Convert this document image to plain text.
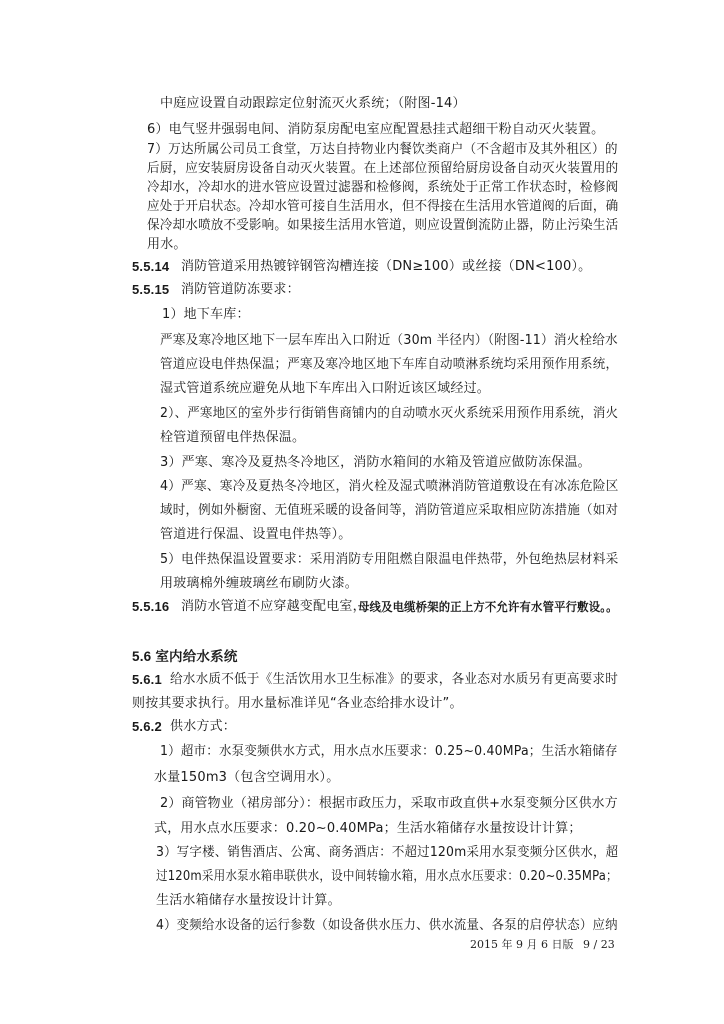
中庭应设置自动跟踪定位射流灭火系统；（附图-14）
6）电气竖井强弱电间、消防泵房配电室应配置悬挂式超细干粉自动灭火装置。
7）万达所属公司员工食堂，万达自持物业内餐饮类商户（不含超市及其外租区）的
后厨，应安装厨房设备自动灭火装置。在上述部位预留给厨房设备自动灭火装置用的
冷却水，冷却水的进水管应设置过滤器和检修阀，系统处于正常工作状态时，检修阀
应处于开启状态。冷却水管可接自生活用水，但不得接在生活用水管道阀的后面，确
保冷却水喷放不受影响。如果接生活用水管道，则应设置倒流防止器，防止污染生活
用水。
5.5.14 消防管道采用热镀锌钢管沟槽连接（DN≥100）或丝接（DN<100）。
5.5.15 消防管道防冻要求：
1）地下车库：
严寒及寒冷地区地下一层车库出入口附近（30m 半径内）（附图-11）消火栓给水
管道应设电伴热保温；严寒及寒冷地区地下车库自动喷淋系统均采用预作用系统，
湿式管道系统应避免从地下车库出入口附近该区域经过。
2）、严寒地区的室外步行街销售商铺内的自动喷水灭火系统采用预作用系统，消火
栓管道预留电伴热保温。
3）严寒、寒冷及夏热冬冷地区，消防水箱间的水箱及管道应做防冻保温。
4）严寒、寒冷及夏热冬冷地区，消火栓及湿式喷淋消防管道敷设在有冰冻危险区
域时，例如外橱窗、无值班采暖的设备间等，消防管道应采取相应防冻措施（如对
管道进行保温、设置电伴热等）。
5）电伴热保温设置要求：采用消防专用阻燃自限温电伴热带，外包绝热层材料采
用玻璃棉外缠玻璃丝布刷防火漆。
5.5.16 消防水管道不应穿越变配电室，
母线及电缆桥架的正上方不允许有水管平行敷设。。
5.6 室内给水系统
5.6.1 给水水质不低于《生活饮用水卫生标准》的要求，各业态对水质另有更高要求时
则按其要求执行。用水量标准详见“各业态给排水设计”。
5.6.2 供水方式：
1）超市：水泵变频供水方式，用水点水压要求：0.25~0.40MPa；生活水箱储存
水量150m3（包含空调用水）。
2）商管物业（裙房部分）：根据市政压力，采取市政直供+水泵变频分区供水方
式，用水点水压要求：0.20~0.40MPa；生活水箱储存水量按设计计算；
3）写字楼、销售酒店、公寓、商务酒店：不超过120m采用水泵变频分区供水，超
过120m采用水泵水箱串联供水，设中间转输水箱，用水点水压要求：0.20~0.35MPa；
生活水箱储存水量按设计计算。
4）变频给水设备的运行参数（如设备供水压力、供水流量、各泵的启停状态）应纳
2015 年 9 月 6 日版 9 / 23
